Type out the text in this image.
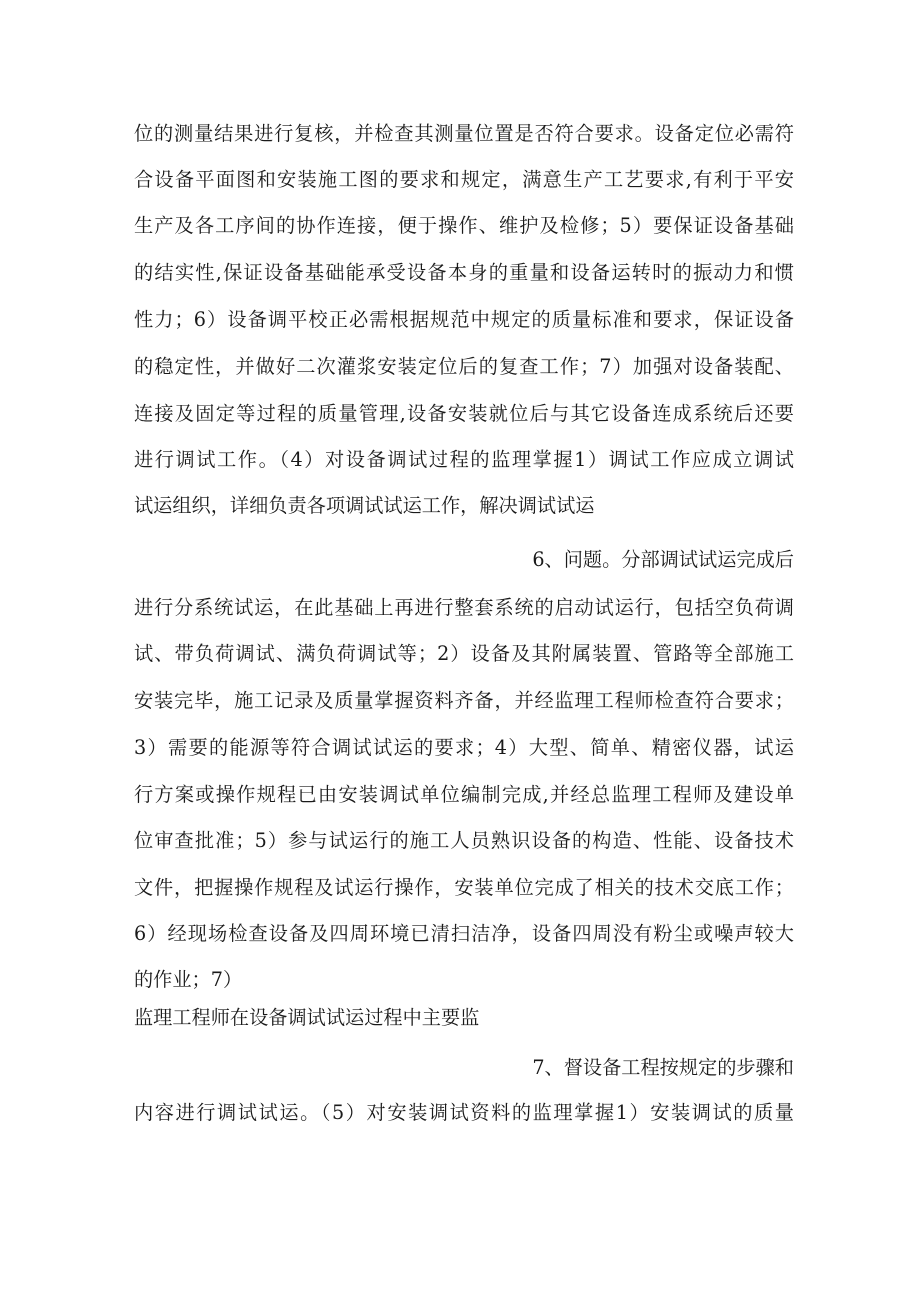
位的测量结果进行复核，并检查其测量位置是否符合要求。设备定位必需符
合设备平面图和安装施工图的要求和规定，满意生产工艺要求,有利于平安
生产及各工序间的协作连接，便于操作、维护及检修；5）要保证设备基础
的结实性,保证设备基础能承受设备本身的重量和设备运转时的振动力和惯
性力；6）设备调平校正必需根据规范中规定的质量标准和要求，保证设备
的稳定性，并做好二次灌浆安装定位后的复查工作；7）加强对设备装配、
连接及固定等过程的质量管理,设备安装就位后与其它设备连成系统后还要
进行调试工作。（4）对设备调试过程的监理掌握1）调试工作应成立调试
试运组织，详细负责各项调试试运工作，解决调试试运
6、问题。分部调试试运完成后
进行分系统试运，在此基础上再进行整套系统的启动试运行，包括空负荷调
试、带负荷调试、满负荷调试等；2）设备及其附属装置、管路等全部施工
安装完毕，施工记录及质量掌握资料齐备，并经监理工程师检查符合要求；
3）需要的能源等符合调试试运的要求；4）大型、简单、精密仪器，试运
行方案或操作规程已由安装调试单位编制完成,并经总监理工程师及建设单
位审查批准；5）参与试运行的施工人员熟识设备的构造、性能、设备技术
文件，把握操作规程及试运行操作，安装单位完成了相关的技术交底工作；
6）经现场检查设备及四周环境已清扫洁净，设备四周没有粉尘或噪声较大
的作业；7）
监理工程师在设备调试试运过程中主要监
7、督设备工程按规定的步骤和
内容进行调试试运。（5）对安装调试资料的监理掌握1）安装调试的质量
